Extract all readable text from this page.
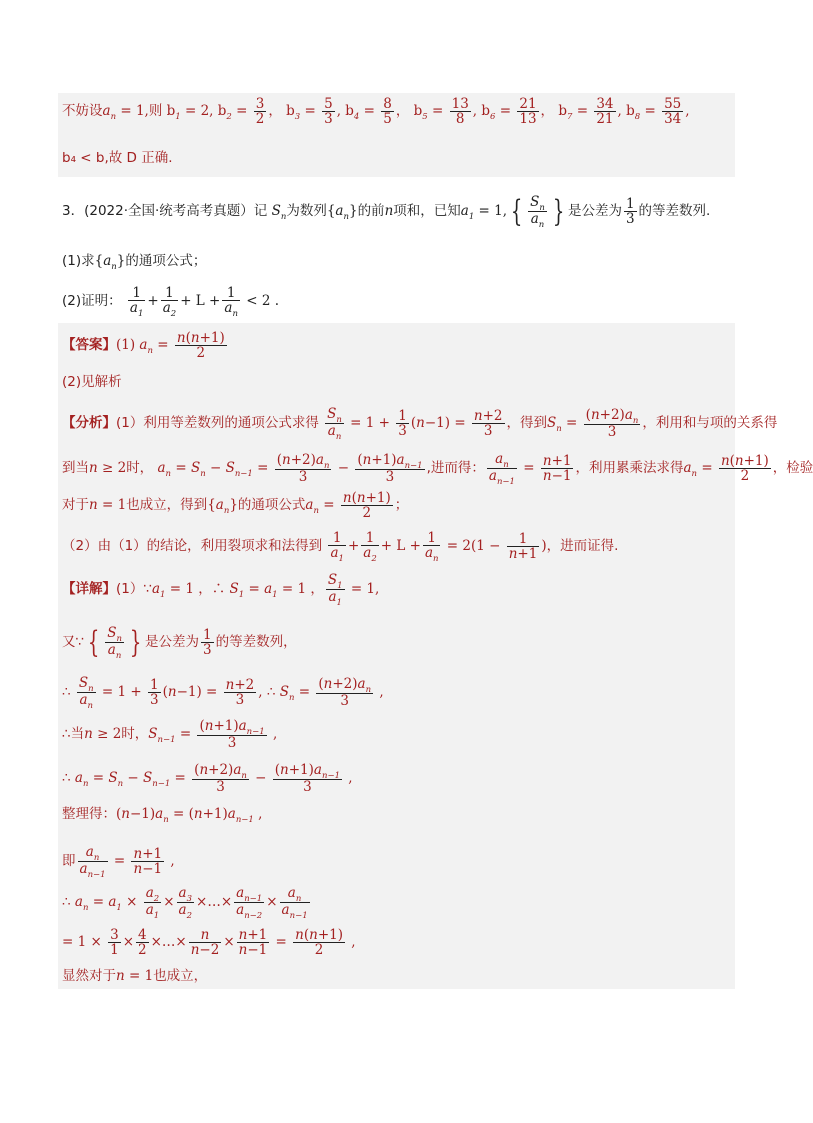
不妨设$a_n = 1$,则 $b_1 = 2$, $b_2 = \frac{3}{2}$ ， $b_3 = \frac{5}{3}$ , $b_4 = \frac{8}{5}$ ， $b_5 = \frac{13}{8}$ , $b_6 = \frac{21}{13}$ ， $b_7 = \frac{34}{21}$ , $b_8 = \frac{55}{34}$ ,
b₄ < b,故 D 正确.
3．(2022·全国·统考高考真题）记 $S_n$为数列$\{a_n\}$的前n项和，已知$a_1 = 1$, { $\frac{S_n}{a_n}$ } 是公差为 $\frac{1}{3}$ 的等差数列.
(1)求$\{a_n\}$的通项公式；
(2)证明： $\frac{1}{a_1} + \frac{1}{a_2} + L + \frac{1}{a_n} < 2$ .
【答案】(1) $a_n = \frac{n(n+1)}{2}$
(2)见解析
【分析】(1）利用等差数列的通项公式求得 $\frac{S_n}{a_n} = 1 + \frac{1}{3} (n-1) = \frac{n+2}{3}$ ，得到$S_n = \frac{(n+2)a_n}{3}$ ，利用和与项的关系得
到当n ≥ 2时， $a_n = S_n - S_{n-1} = \frac{(n+2)a_n}{3} - \frac{(n+1)a_{n-1}}{3}$ ,进而得： $\frac{a_n}{a_{n-1}} = \frac{n+1}{n-1}$ ，利用累乘法求得$a_n = \frac{n(n+1)}{2}$ ，检验
对于n = 1也成立，得到$\{a_n\}$的通项公式$a_n = \frac{n(n+1)}{2}$ ；
（2）由（1）的结论，利用裂项求和法得到 $\frac{1}{a_1} + \frac{1}{a_2} + L + \frac{1}{a_n} = 2(1 - \frac{1}{n+1}$ )，进而证得.
【详解】$(1)\because a_1 = 1$ ，∴ $S_1 = a_1 = 1$ ， $\frac{S_1}{a_1} = 1$,
又∵ { $\frac{S_n}{a_n}$ } 是公差为 $\frac{1}{3}$ 的等差数列，
∴ $\frac{S_n}{a_n} = 1 + \frac{1}{3} (n-1) = \frac{n+2}{3}$ , ∴ $S_n = \frac{(n+2)a_n}{3}$ ,
∴当n ≥ 2时，$S_{n-1} = \frac{(n+1)a_{n-1}}{3}$ ,
∴ $a_n = S_n - S_{n-1} = \frac{(n+2)a_n}{3} - \frac{(n+1)a_{n-1}}{3}$ ,
整理得：$(n-1)a_n = (n+1)a_{n-1}$ ,
即 $\frac{a_n}{a_{n-1}} = \frac{n+1}{n-1}$ ,
∴ $a_n = a_1 \times \frac{a_2}{a_1} \times \frac{a_3}{a_2}$ ×…× $\frac{a_{n-1}}{a_{n-2}} \times \frac{a_n}{a_{n-1}}$
= $1 \times \frac{3}{1} \times \frac{4}{2}$ ×…× $\frac{n}{n-2} \times \frac{n+1}{n-1} = \frac{n(n+1)}{2}$ ,
显然对于n = 1也成立，
